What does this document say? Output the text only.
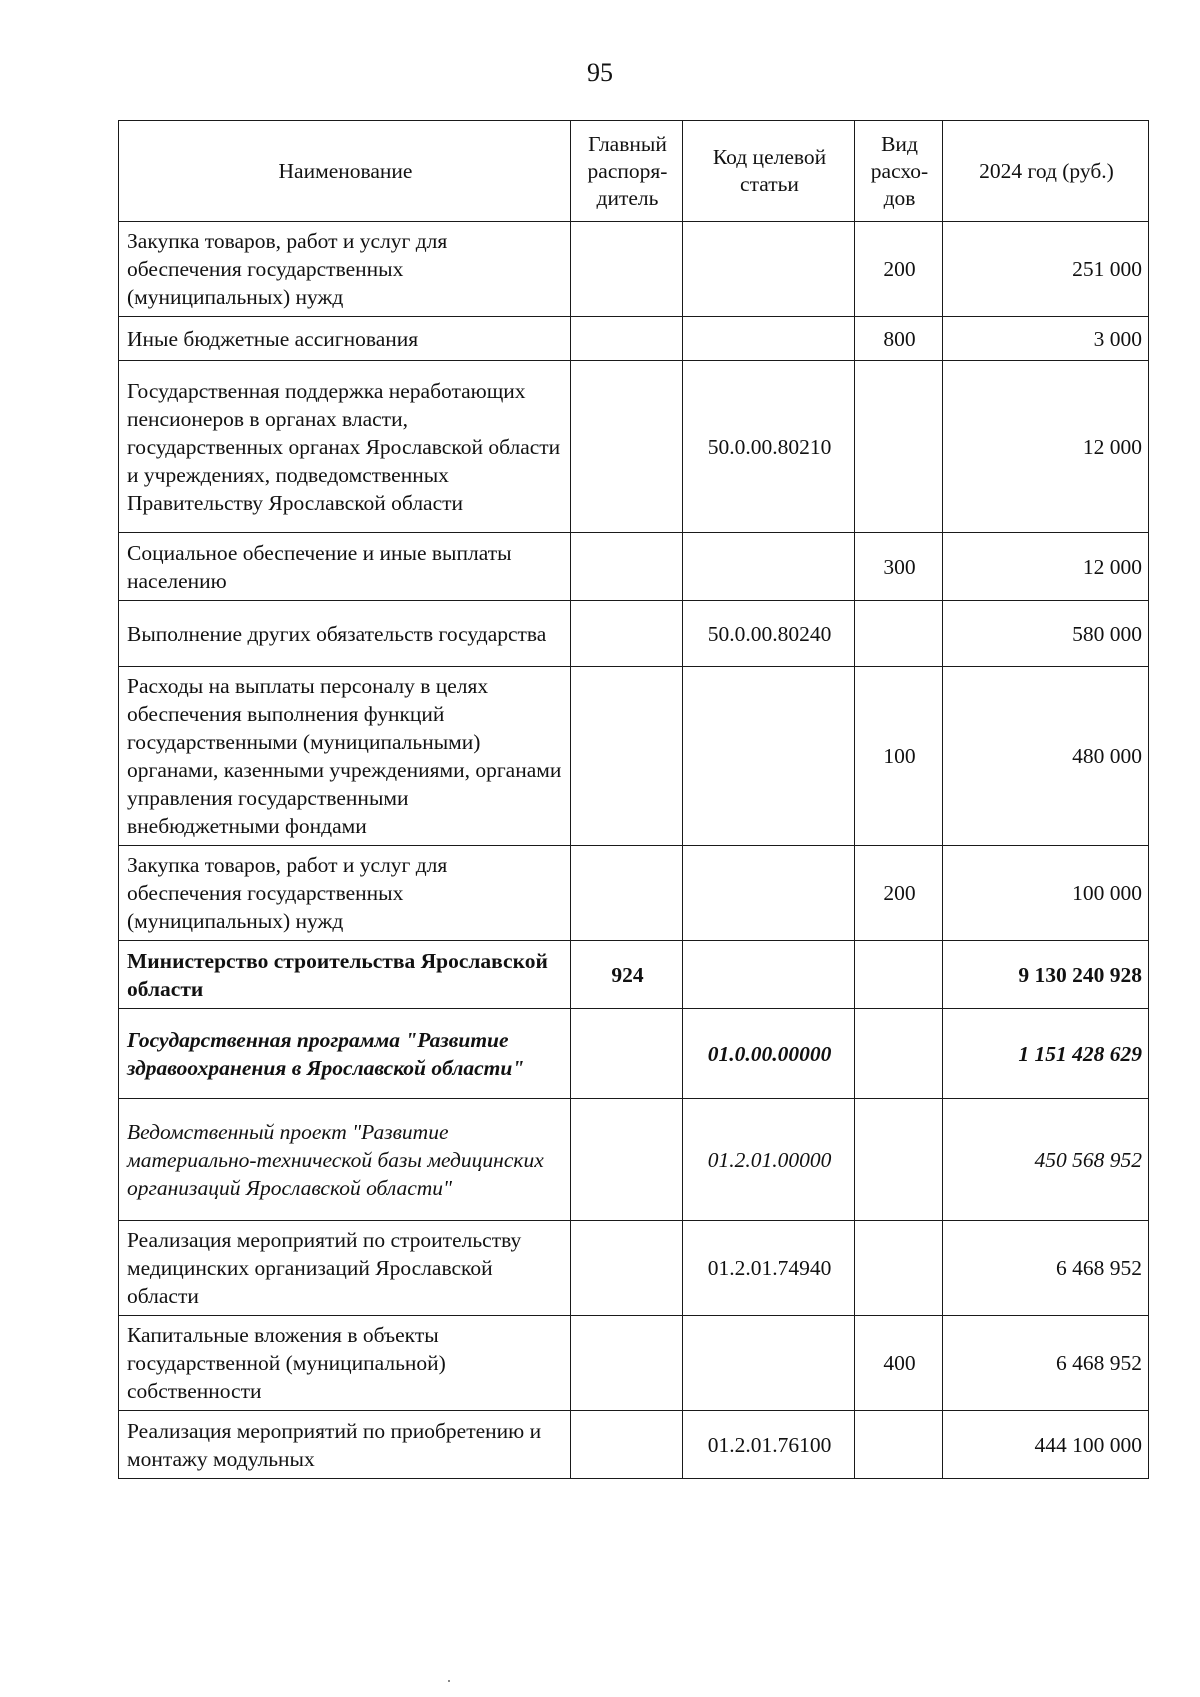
95
Наименование	Главный распоря-дитель	Код целевой статьи	Вид расхо-дов	2024 год (руб.)
Закупка товаров, работ и услуг для обеспечения государственных (муниципальных) нужд			200	251 000
Иные бюджетные ассигнования			800	3 000
Государственная поддержка неработающих пенсионеров в органах власти, государственных органах Ярославской области и учреждениях, подведомственных Правительству Ярославской области		50.0.00.80210		12 000
Социальное обеспечение и иные выплаты населению			300	12 000
Выполнение других обязательств государства		50.0.00.80240		580 000
Расходы на выплаты персоналу в целях обеспечения выполнения функций государственными (муниципальными) органами, казенными учреждениями, органами управления государственными внебюджетными фондами			100	480 000
Закупка товаров, работ и услуг для обеспечения государственных (муниципальных) нужд			200	100 000
Министерство строительства Ярославской области	924			9 130 240 928
Государственная программа "Развитие здравоохранения в Ярославской области"		01.0.00.00000		1 151 428 629
Ведомственный проект "Развитие материально-технической базы медицинских организаций Ярославской области"		01.2.01.00000		450 568 952
Реализация мероприятий по строительству медицинских организаций Ярославской области		01.2.01.74940		6 468 952
Капитальные вложения в объекты государственной (муниципальной) собственности			400	6 468 952
Реализация мероприятий по приобретению и монтажу модульных		01.2.01.76100		444 100 000
